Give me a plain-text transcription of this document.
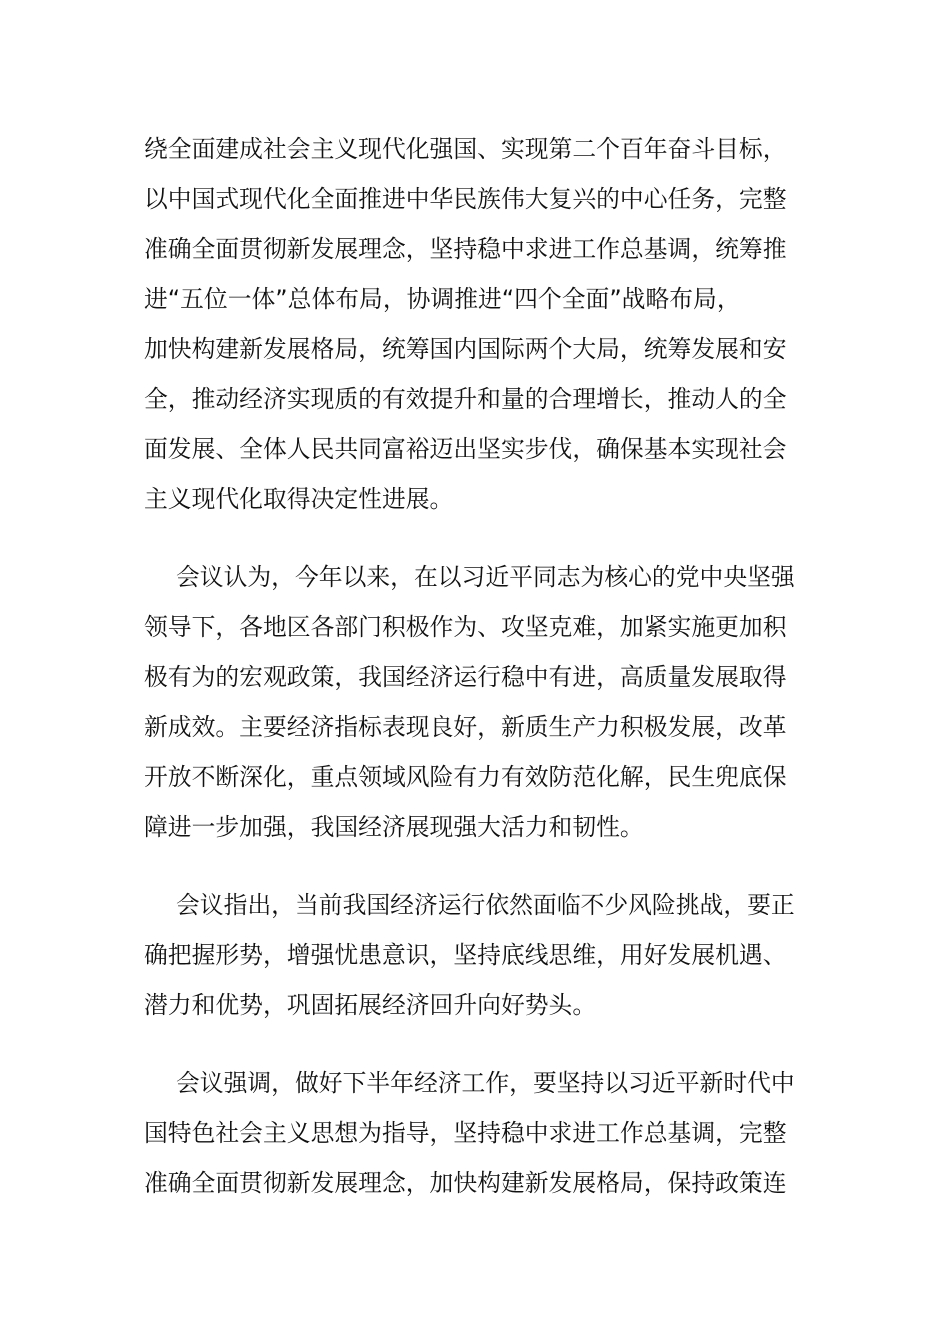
绕全面建成社会主义现代化强国、实现第二个百年奋斗目标，
以中国式现代化全面推进中华民族伟大复兴的中心任务，完整
准确全面贯彻新发展理念，坚持稳中求进工作总基调，统筹推
进“五位一体”总体布局，协调推进“四个全面”战略布局，
加快构建新发展格局，统筹国内国际两个大局，统筹发展和安
全，推动经济实现质的有效提升和量的合理增长，推动人的全
面发展、全体人民共同富裕迈出坚实步伐，确保基本实现社会
主义现代化取得决定性进展。
会议认为，今年以来，在以习近平同志为核心的党中央坚强
领导下，各地区各部门积极作为、攻坚克难，加紧实施更加积
极有为的宏观政策，我国经济运行稳中有进，高质量发展取得
新成效。主要经济指标表现良好，新质生产力积极发展，改革
开放不断深化，重点领域风险有力有效防范化解，民生兜底保
障进一步加强，我国经济展现强大活力和韧性。
会议指出，当前我国经济运行依然面临不少风险挑战，要正
确把握形势，增强忧患意识，坚持底线思维，用好发展机遇、
潜力和优势，巩固拓展经济回升向好势头。
会议强调，做好下半年经济工作，要坚持以习近平新时代中
国特色社会主义思想为指导，坚持稳中求进工作总基调，完整
准确全面贯彻新发展理念，加快构建新发展格局，保持政策连
